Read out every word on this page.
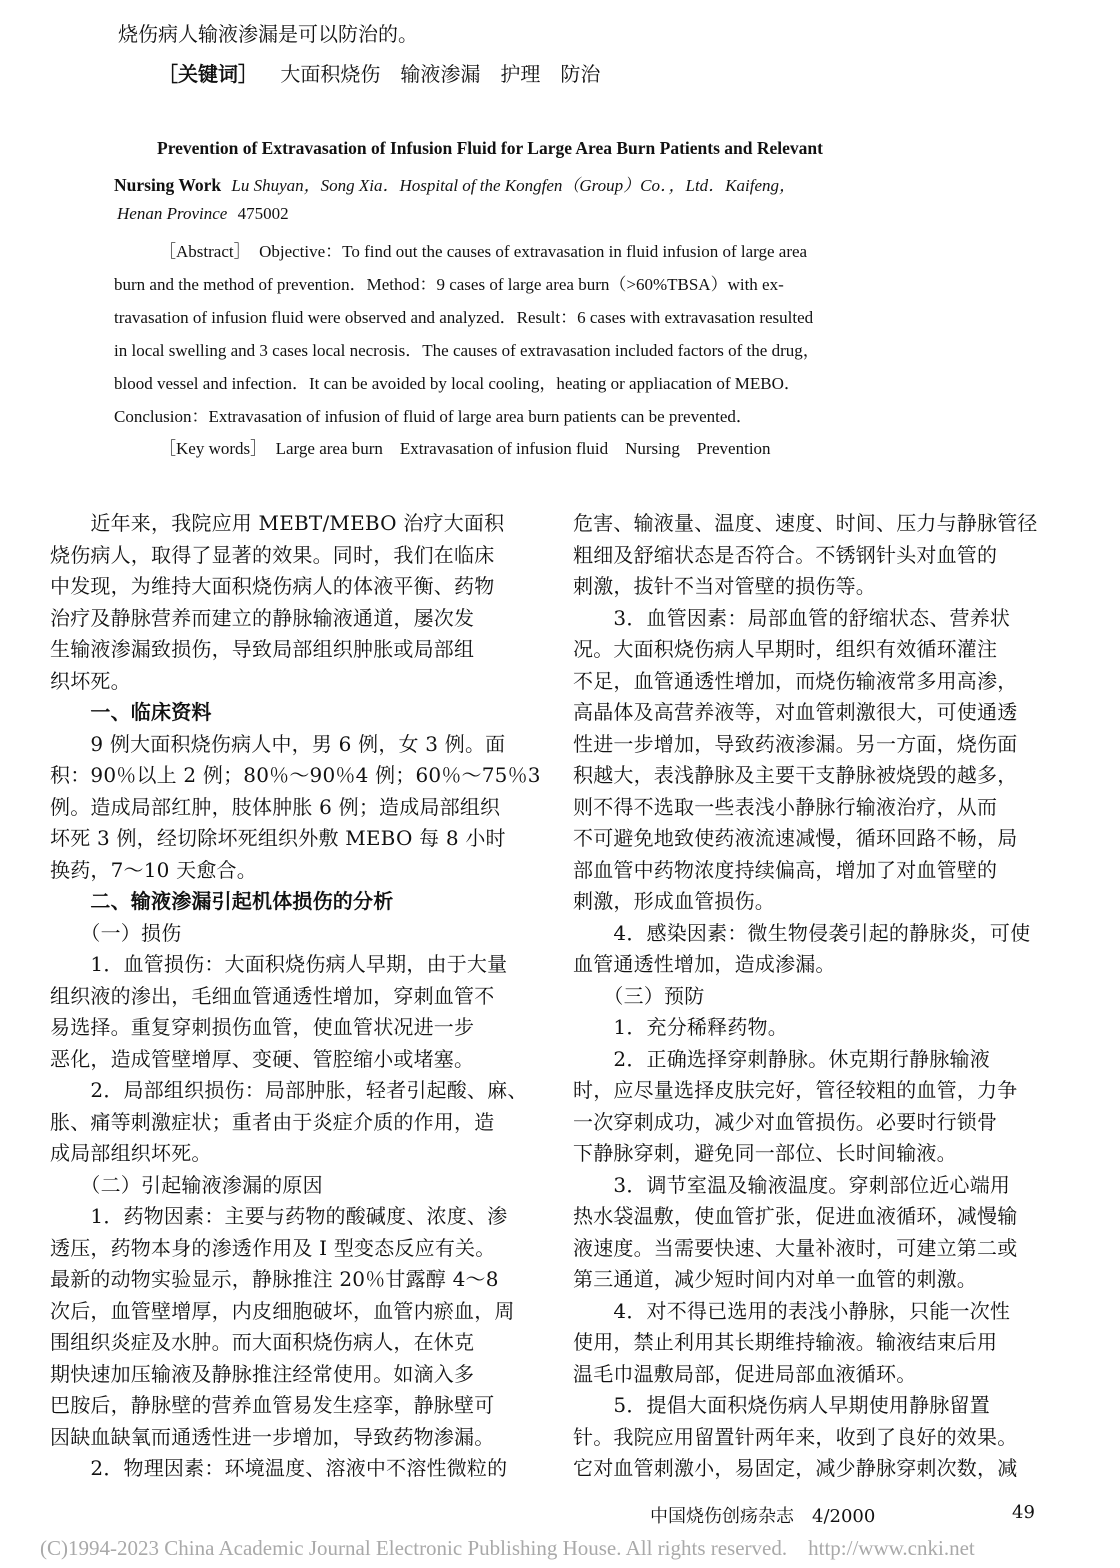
烧伤病人输液渗漏是可以防治的。
［关键词］ 大面积烧伤　输液渗漏　护理　防治
Prevention of Extravasation of Infusion Fluid for Large Area Burn Patients and Relevant
Nursing Work Lu Shuyan，Song Xia．Hospital of the Kongfen（Group）Co．，Ltd．Kaifeng，
Henan Province 475002
［Abstract］　Objective：To find out the causes of extravasation in fluid infusion of large area
burn and the method of prevention．Method：9 cases of large area burn（>60%TBSA）with ex-
travasation of infusion fluid were observed and analyzed．Result：6 cases with extravasation resulted
in local swelling and 3 cases local necrosis．The causes of extravasation included factors of the drug，
blood vessel and infection．It can be avoided by local cooling，heating or appliacation of MEBO．
Conclusion：Extravasation of infusion of fluid of large area burn patients can be prevented．
［Key words］　Large area burn　Extravasation of infusion fluid　Nursing　Prevention

　　近年来，我院应用 MEBT/MEBO 治疗大面积

烧伤病人，取得了显著的效果。同时，我们在临床

中发现，为维持大面积烧伤病人的体液平衡、药物

治疗及静脉营养而建立的静脉输液通道，屡次发

生输液渗漏致损伤，导致局部组织肿胀或局部组

织坏死。

　　一、临床资料

　　9 例大面积烧伤病人中，男 6 例，女 3 例。面

积：90％以上 2 例；80％～90％4 例；60％～75％3

例。造成局部红肿，肢体肿胀 6 例；造成局部组织

坏死 3 例，经切除坏死组织外敷 MEBO 每 8 小时

换药，7～10 天愈合。

　　二、输液渗漏引起机体损伤的分析

　　（一）损伤

　　1．血管损伤：大面积烧伤病人早期，由于大量

组织液的渗出，毛细血管通透性增加，穿刺血管不

易选择。重复穿刺损伤血管，使血管状况进一步

恶化，造成管壁增厚、变硬、管腔缩小或堵塞。

　　2．局部组织损伤：局部肿胀，轻者引起酸、麻、

胀、痛等刺激症状；重者由于炎症介质的作用，造

成局部组织坏死。

　　（二）引起输液渗漏的原因

　　1．药物因素：主要与药物的酸碱度、浓度、渗

透压，药物本身的渗透作用及 Ⅰ 型变态反应有关。

最新的动物实验显示，静脉推注 20％甘露醇 4～8

次后，血管壁增厚，内皮细胞破坏，血管内瘀血，周

围组织炎症及水肿。而大面积烧伤病人，在休克

期快速加压输液及静脉推注经常使用。如滴入多

巴胺后，静脉壁的营养血管易发生痉挛，静脉壁可

因缺血缺氧而通透性进一步增加，导致药物渗漏。

　　2．物理因素：环境温度、溶液中不溶性微粒的

危害、输液量、温度、速度、时间、压力与静脉管径

粗细及舒缩状态是否符合。不锈钢针头对血管的

刺激，拔针不当对管壁的损伤等。

　　3．血管因素：局部血管的舒缩状态、营养状

况。大面积烧伤病人早期时，组织有效循环灌注

不足，血管通透性增加，而烧伤输液常多用高渗，

高晶体及高营养液等，对血管刺激很大，可使通透

性进一步增加，导致药液渗漏。另一方面，烧伤面

积越大，表浅静脉及主要干支静脉被烧毁的越多，

则不得不选取一些表浅小静脉行输液治疗，从而

不可避免地致使药液流速减慢，循环回路不畅，局

部血管中药物浓度持续偏高，增加了对血管壁的

刺激，形成血管损伤。

　　4．感染因素：微生物侵袭引起的静脉炎，可使

血管通透性增加，造成渗漏。

　　（三）预防

　　1．充分稀释药物。

　　2．正确选择穿刺静脉。休克期行静脉输液

时，应尽量选择皮肤完好，管径较粗的血管，力争

一次穿刺成功，减少对血管损伤。必要时行锁骨

下静脉穿刺，避免同一部位、长时间输液。

　　3．调节室温及输液温度。穿刺部位近心端用

热水袋温敷，使血管扩张，促进血液循环，减慢输

液速度。当需要快速、大量补液时，可建立第二或

第三通道，减少短时间内对单一血管的刺激。

　　4．对不得已选用的表浅小静脉，只能一次性

使用，禁止利用其长期维持输液。输液结束后用

温毛巾温敷局部，促进局部血液循环。

　　5．提倡大面积烧伤病人早期使用静脉留置

针。我院应用留置针两年来，收到了良好的效果。

它对血管刺激小，易固定，减少静脉穿刺次数，减

中国烧伤创疡杂志　4/2000	49
(C)1994-2023 China Academic Journal Electronic Publishing House. All rights reserved.　http://www.cnki.net
